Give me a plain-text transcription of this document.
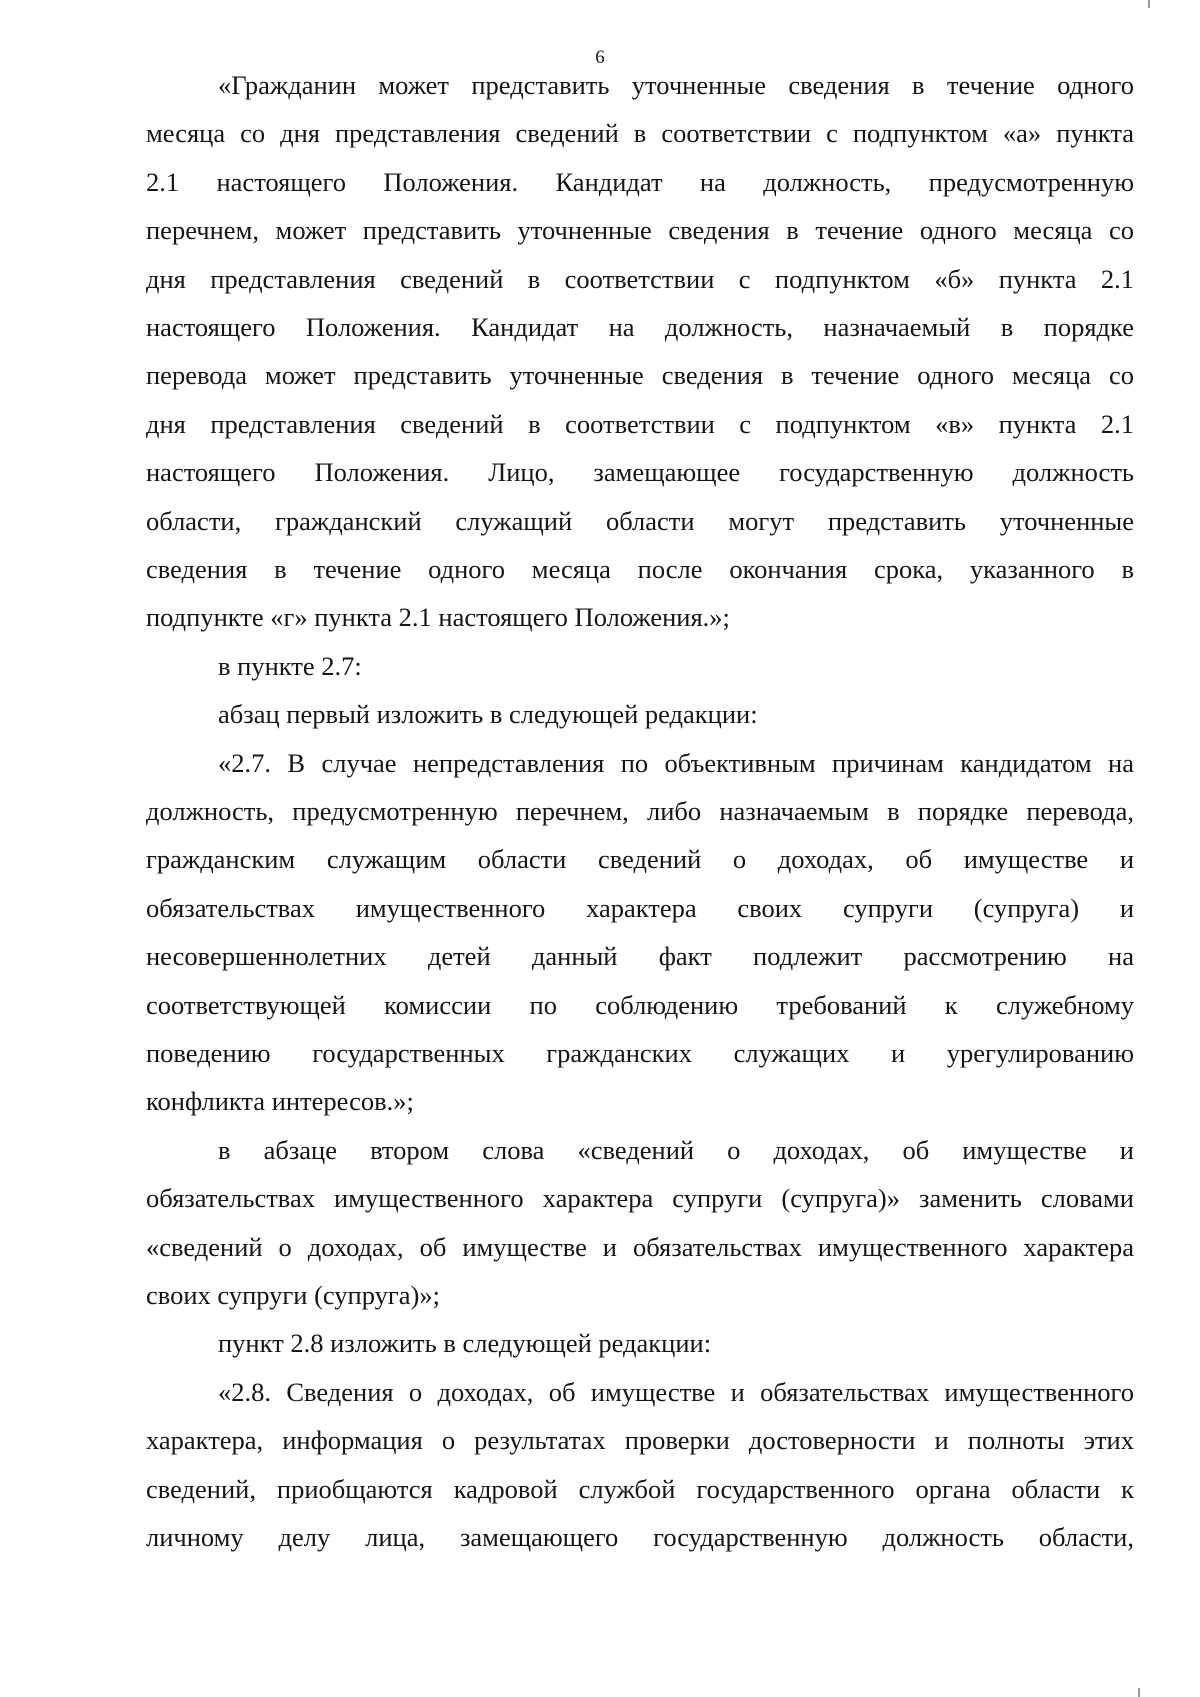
6
«Гражданин может представить уточненные сведения в течение одного
месяца со дня представления сведений в соответствии с подпунктом «а» пункта
2.1 настоящего Положения. Кандидат на должность, предусмотренную
перечнем, может представить уточненные сведения в течение одного месяца со
дня представления сведений в соответствии с подпунктом «б» пункта 2.1
настоящего Положения. Кандидат на должность, назначаемый в порядке
перевода может представить уточненные сведения в течение одного месяца со
дня представления сведений в соответствии с подпунктом «в» пункта 2.1
настоящего Положения. Лицо, замещающее государственную должность
области, гражданский служащий области могут представить уточненные
сведения в течение одного месяца после окончания срока, указанного в
подпункте «г» пункта 2.1 настоящего Положения.»;
в пункте 2.7:
абзац первый изложить в следующей редакции:
«2.7. В случае непредставления по объективным причинам кандидатом на
должность, предусмотренную перечнем, либо назначаемым в порядке перевода,
гражданским служащим области сведений о доходах, об имуществе и
обязательствах имущественного характера своих супруги (супруга) и
несовершеннолетних детей данный факт подлежит рассмотрению на
соответствующей комиссии по соблюдению требований к служебному
поведению государственных гражданских служащих и урегулированию
конфликта интересов.»;
в абзаце втором слова «сведений о доходах, об имуществе и
обязательствах имущественного характера супруги (супруга)» заменить словами
«сведений о доходах, об имуществе и обязательствах имущественного характера
своих супруги (супруга)»;
пункт 2.8 изложить в следующей редакции:
«2.8. Сведения о доходах, об имуществе и обязательствах имущественного
характера, информация о результатах проверки достоверности и полноты этих
сведений, приобщаются кадровой службой государственного органа области к
личному делу лица, замещающего государственную должность области,
